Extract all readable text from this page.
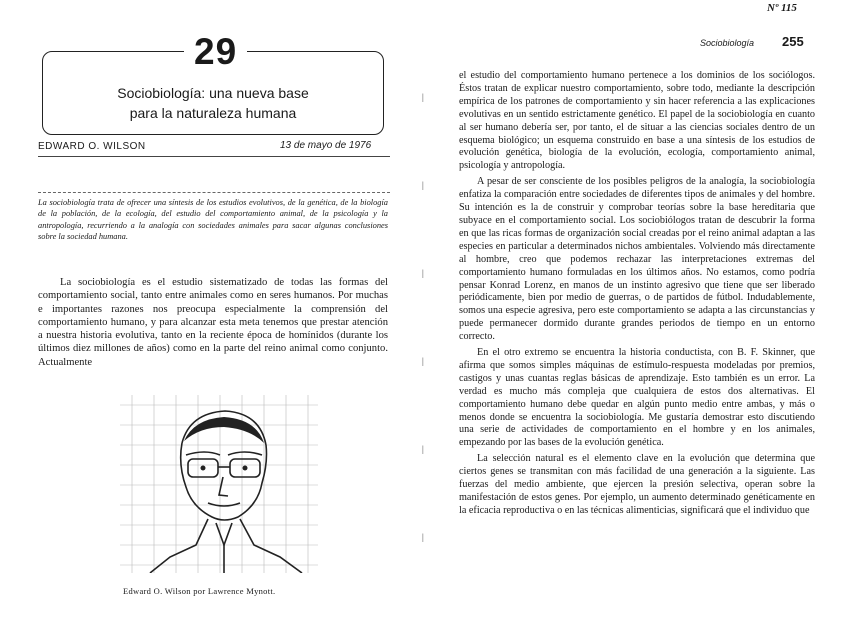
Nº 115
Sociobiología 255
29
Sociobiología: una nueva base
para la naturaleza humana
EDWARD O. WILSON	13 de mayo de 1976
La sociobiología trata de ofrecer una síntesis de los estudios evolutivos, de la genética, de la biología de la población, de la ecología, del estudio del comportamiento animal, de la psicología y la antropología, recurriendo a la analogía con sociedades animales para sacar algunas conclusiones sobre la sociedad humana.

La sociobiología es el estudio sistematizado de todas las formas del comportamiento social, tanto entre animales como en seres humanos. Por muchas e importantes razones nos preocupa especialmente la comprensión del comportamiento humano, y para alcanzar esta meta tenemos que prestar atención a nuestra historia evolutiva, tanto en la reciente época de homínidos (durante los últimos diez millones de años) como en la parte del reino animal como conjunto. Actualmente

Edward O. Wilson por Lawrence Mynott.

el estudio del comportamiento humano pertenece a los dominios de los sociólogos. Éstos tratan de explicar nuestro comportamiento, sobre todo, mediante la descripción empírica de los patrones de comportamiento y sin hacer referencia a las explicaciones evolutivas en un sentido estrictamente genético. El papel de la sociobiología en cuanto al ser humano debería ser, por tanto, el de situar a las ciencias sociales dentro de un esquema biológico; un esquema construido en base a una síntesis de los estudios de evolución genética, biología de la evolución, ecología, comportamiento animal, psicología y antropología.

A pesar de ser consciente de los posibles peligros de la analogía, la sociobiología enfatiza la comparación entre sociedades de diferentes tipos de animales y del hombre. Su intención es la de construir y comprobar teorías sobre la base hereditaria que subyace en el comportamiento social. Los sociobiólogos tratan de descubrir la forma en que las ricas formas de organización social creadas por el reino animal adaptan a las especies en particular a determinados nichos ambientales. Volviendo más directamente al hombre, creo que podemos rechazar las interpretaciones extremas del comportamiento humano formuladas en los últimos años. No estamos, como podría pensar Konrad Lorenz, en manos de un instinto agresivo que tiene que ser liberado periódicamente, bien por medio de guerras, o de partidos de fútbol. Indudablemente, somos una especie agresiva, pero este comportamiento se adapta a las circunstancias y puede permanecer dormido durante grandes periodos de tiempo en un entorno correcto.

En el otro extremo se encuentra la historia conductista, con B. F. Skinner, que afirma que somos simples máquinas de estímulo-respuesta modeladas por premios, castigos y unas cuantas reglas básicas de aprendizaje. Esto también es un error. La verdad es mucho más compleja que cualquiera de estos dos alternativas. El comportamiento humano debe quedar en algún punto medio entre ambas, y más o menos donde se encuentra la sociobiología. Me gustaría demostrar esto discutiendo una serie de actividades de comportamiento en el hombre y en los animales, empezando por las bases de la evolución genética.

La selección natural es el elemento clave en la evolución que determina que ciertos genes se transmitan con más facilidad de una generación a la siguiente. Las fuerzas del medio ambiente, que ejercen la presión selectiva, operan sobre la manifestación de estos genes. Por ejemplo, un aumento determinado genéticamente en la eficacia reproductiva o en las técnicas alimenticias, significará que el individuo que

|
|
|
|
|
|
